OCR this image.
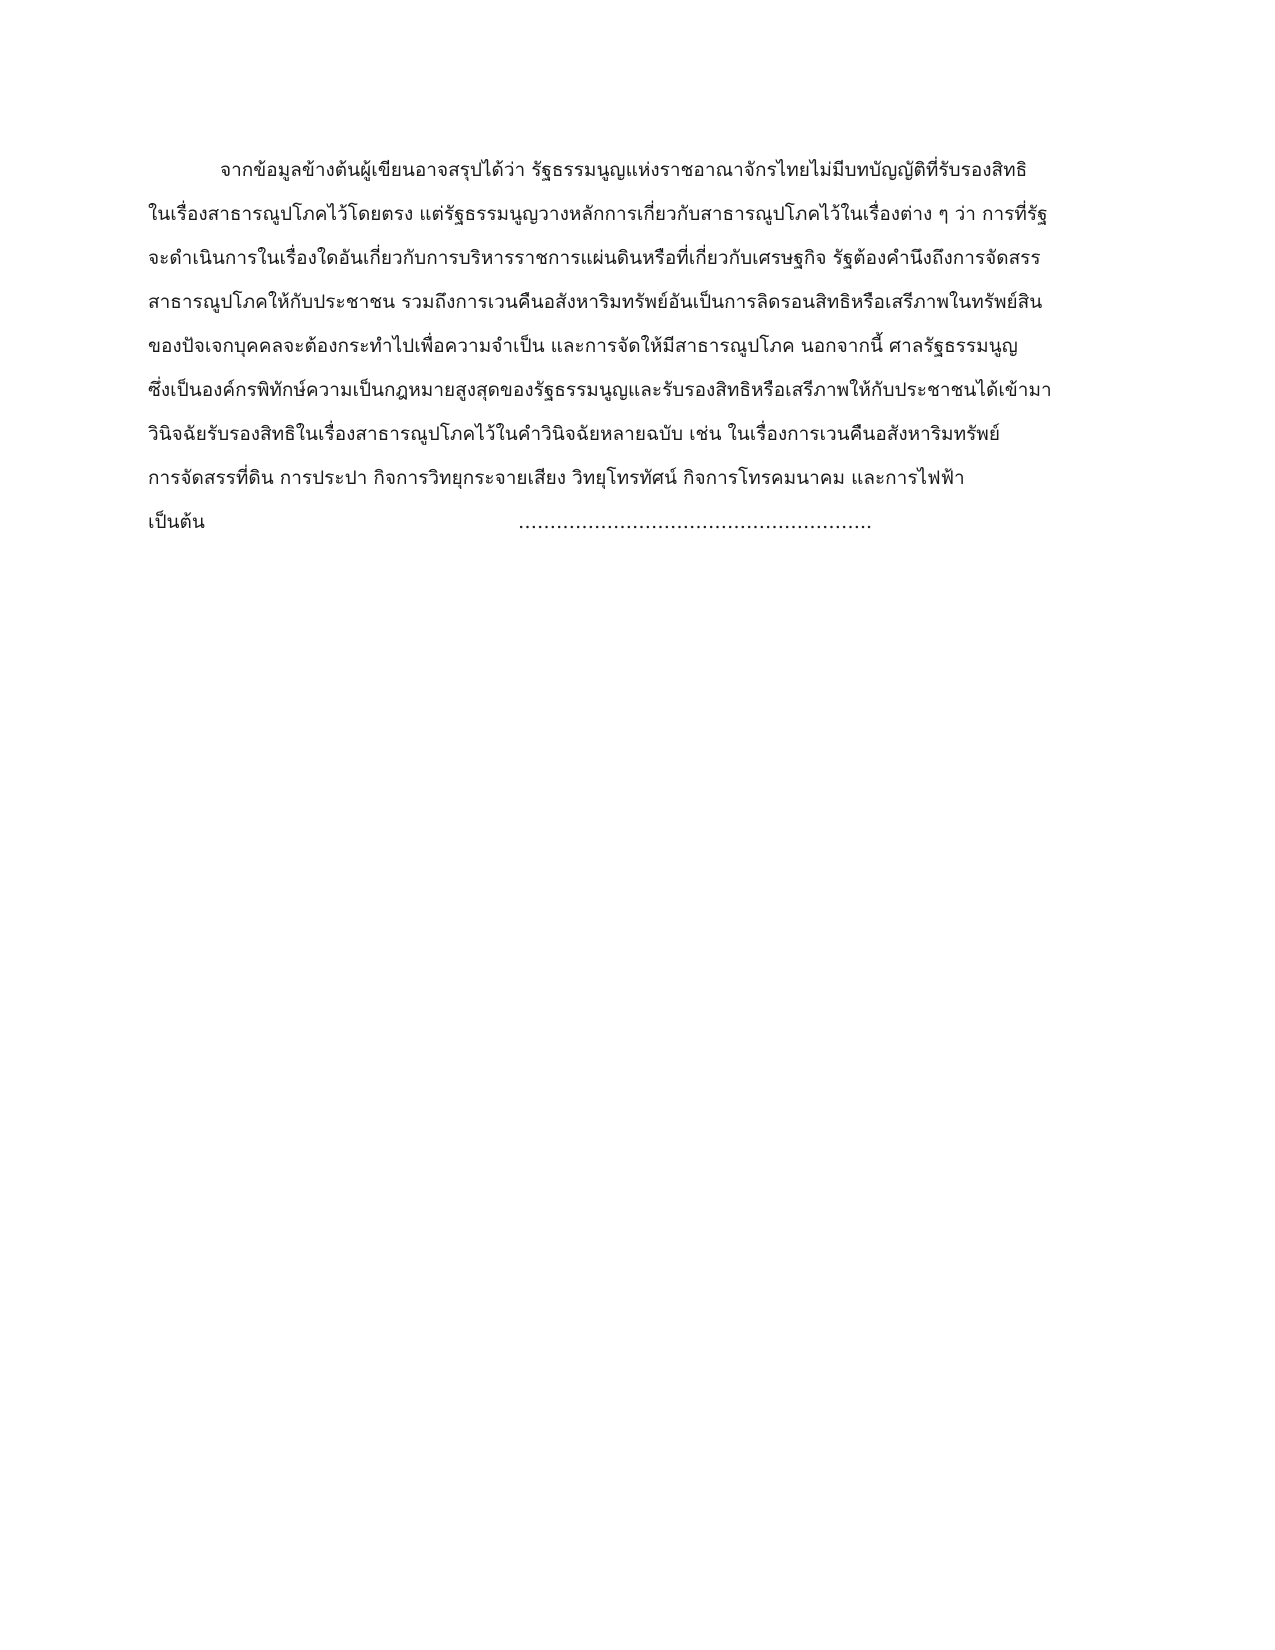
จากข้อมูลข้างต้นผู้เขียนอาจสรุปได้ว่า รัฐธรรมนูญแห่งราชอาณาจักรไทยไม่มีบทบัญญัติที่รับรองสิทธิ
ในเรื่องสาธารณูปโภคไว้โดยตรง แต่รัฐธรรมนูญวางหลักการเกี่ยวกับสาธารณูปโภคไว้ในเรื่องต่าง ๆ ว่า การที่รัฐ
จะดำเนินการในเรื่องใดอันเกี่ยวกับการบริหารราชการแผ่นดินหรือที่เกี่ยวกับเศรษฐกิจ รัฐต้องคำนึงถึงการจัดสรร
สาธารณูปโภคให้กับประชาชน รวมถึงการเวนคืนอสังหาริมทรัพย์อันเป็นการลิดรอนสิทธิหรือเสรีภาพในทรัพย์สิน
ของปัจเจกบุคคลจะต้องกระทำไปเพื่อความจำเป็น และการจัดให้มีสาธารณูปโภค นอกจากนี้ ศาลรัฐธรรมนูญ
ซึ่งเป็นองค์กรพิทักษ์ความเป็นกฎหมายสูงสุดของรัฐธรรมนูญและรับรองสิทธิหรือเสรีภาพให้กับประชาชนได้เข้ามา
วินิจฉัยรับรองสิทธิในเรื่องสาธารณูปโภคไว้ในคำวินิจฉัยหลายฉบับ เช่น ในเรื่องการเวนคืนอสังหาริมทรัพย์
การจัดสรรที่ดิน การประปา กิจการวิทยุกระจายเสียง วิทยุโทรทัศน์ กิจการโทรคมนาคม และการไฟฟ้า
เป็นต้น	………………………………………………..
